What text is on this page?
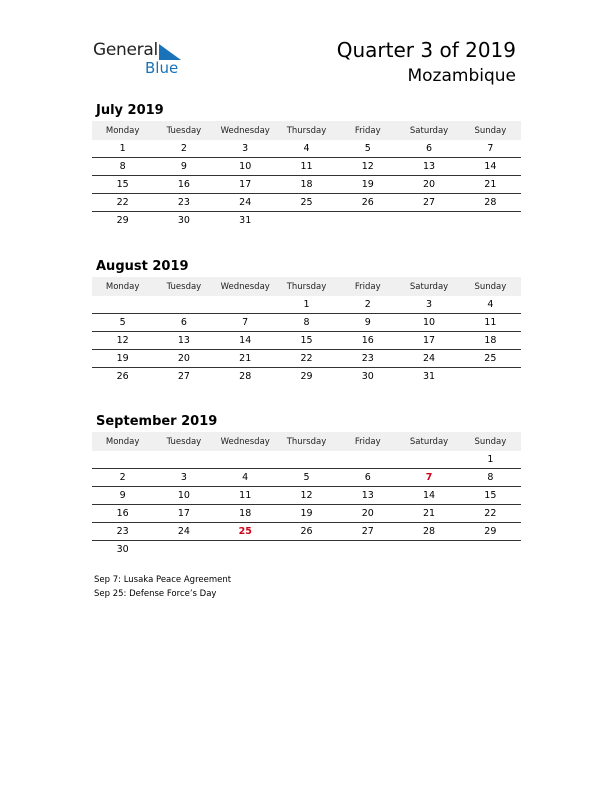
General
Blue
Quarter 3 of 2019
Mozambique
July 2019
Monday	Tuesday	Wednesday	Thursday	Friday	Saturday	Sunday
1	2	3	4	5	6	7
8	9	10	11	12	13	14
15	16	17	18	19	20	21
22	23	24	25	26	27	28
29	30	31				
August 2019
Monday	Tuesday	Wednesday	Thursday	Friday	Saturday	Sunday
			1	2	3	4
5	6	7	8	9	10	11
12	13	14	15	16	17	18
19	20	21	22	23	24	25
26	27	28	29	30	31	
September 2019
Monday	Tuesday	Wednesday	Thursday	Friday	Saturday	Sunday
						1
2	3	4	5	6	7	8
9	10	11	12	13	14	15
16	17	18	19	20	21	22
23	24	25	26	27	28	29
30						
Sep 7: Lusaka Peace Agreement
Sep 25: Defense Force’s Day
